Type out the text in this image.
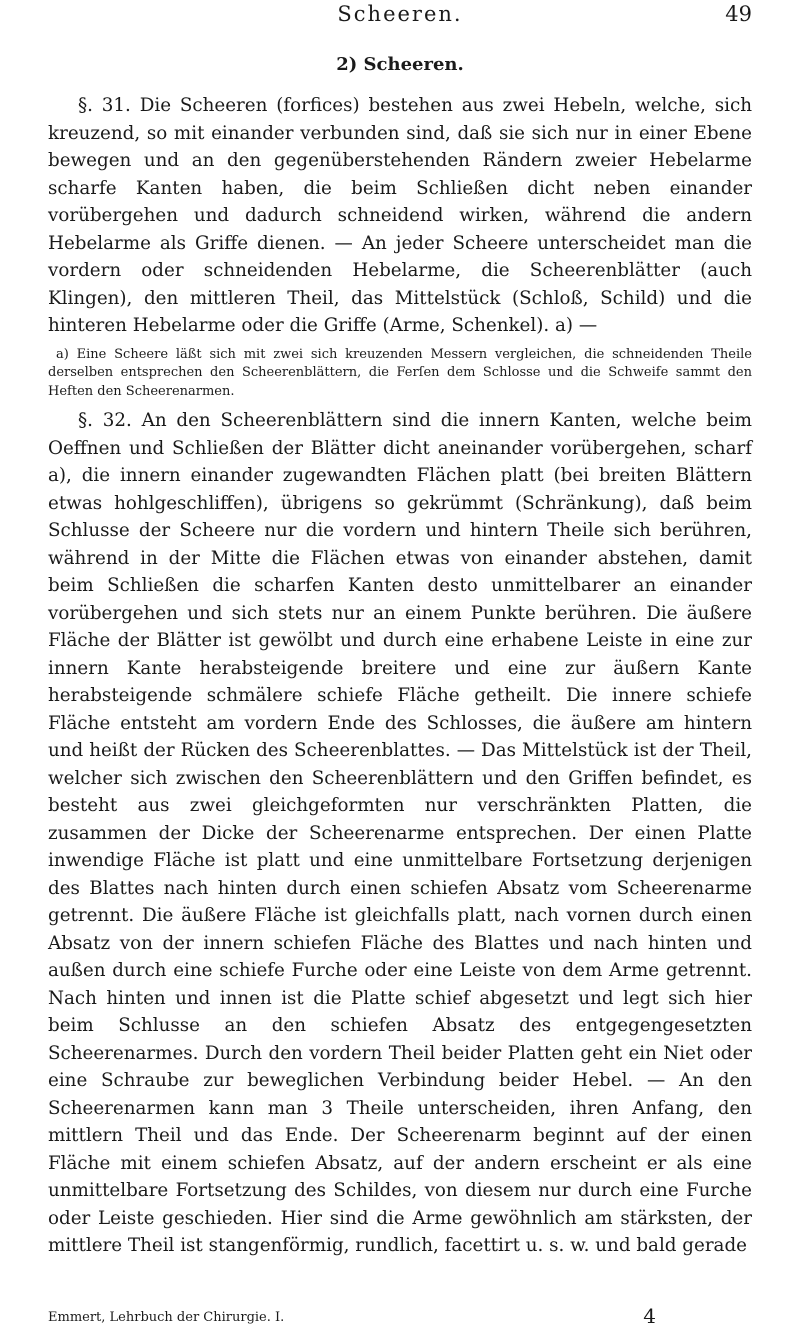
Scheeren.	49
2) Scheeren.

§. 31. Die Scheeren (forfices) bestehen aus zwei Hebeln, welche, sich kreuzend, so mit einander verbunden sind, daß sie sich nur in einer Ebene bewegen und an den gegenüberstehenden Rändern zweier Hebelarme scharfe Kanten haben, die beim Schließen dicht neben einander vorübergehen und dadurch schneidend wirken, während die andern Hebelarme als Griffe dienen. — An jeder Scheere unterscheidet man die vordern oder schneidenden Hebelarme, die Scheerenblätter (auch Klingen), den mittleren Theil, das Mittelstück (Schloß, Schild) und die hinteren Hebelarme oder die Griffe (Arme, Schenkel). a) —

a) Eine Scheere läßt sich mit zwei sich kreuzenden Messern vergleichen, die schneidenden Theile derselben entsprechen den Scheerenblättern, die Ferſen dem Schlosse und die Schweife sammt den Heften den Scheerenarmen.

§. 32. An den Scheerenblättern sind die innern Kanten, welche beim Oeffnen und Schließen der Blätter dicht aneinander vorübergehen, scharf a), die innern einander zugewandten Flächen platt (bei breiten Blättern etwas hohlgeschliffen), übrigens so gekrümmt (Schränkung), daß beim Schlusse der Scheere nur die vordern und hintern Theile sich berühren, während in der Mitte die Flächen etwas von einander abstehen, damit beim Schließen die scharfen Kanten desto unmittelbarer an einander vorübergehen und sich stets nur an einem Punkte berühren. Die äußere Fläche der Blätter ist gewölbt und durch eine erhabene Leiste in eine zur innern Kante herabsteigende breitere und eine zur äußern Kante herabsteigende schmälere schiefe Fläche getheilt. Die innere schiefe Fläche entsteht am vordern Ende des Schlosses, die äußere am hintern und heißt der Rücken des Scheerenblattes. — Das Mittelstück ist der Theil, welcher sich zwischen den Scheerenblättern und den Griffen befindet, es besteht aus zwei gleichgeformten nur verschränkten Platten, die zusammen der Dicke der Scheerenarme entsprechen. Der einen Platte inwendige Fläche ist platt und eine unmittelbare Fortsetzung derjenigen des Blattes nach hinten durch einen schiefen Absatz vom Scheerenarme getrennt. Die äußere Fläche ist gleichfalls platt, nach vornen durch einen Absatz von der innern schiefen Fläche des Blattes und nach hinten und außen durch eine schiefe Furche oder eine Leiste von dem Arme getrennt. Nach hinten und innen ist die Platte schief abgesetzt und legt sich hier beim Schlusse an den schiefen Absatz des entgegengesetzten Scheerenarmes. Durch den vordern Theil beider Platten geht ein Niet oder eine Schraube zur beweglichen Verbindung beider Hebel. — An den Scheerenarmen kann man 3 Theile unterscheiden, ihren Anfang, den mittlern Theil und das Ende. Der Scheerenarm beginnt auf der einen Fläche mit einem schiefen Absatz, auf der andern erscheint er als eine unmittelbare Fortsetzung des Schildes, von diesem nur durch eine Furche oder Leiste geschieden. Hier sind die Arme gewöhnlich am stärksten, der mittlere Theil ist stangenförmig, rundlich, facettirt u. s. w. und bald gerade

Emmert, Lehrbuch der Chirurgie. I.	4
